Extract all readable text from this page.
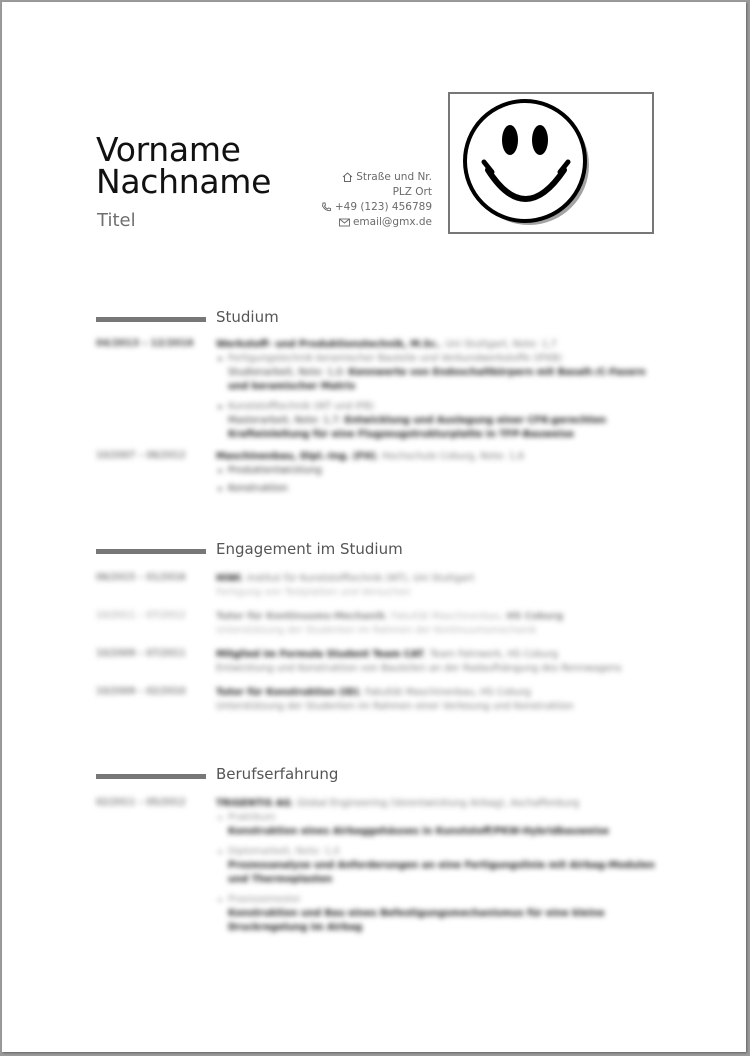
Vorname
Nachname
Titel
Straße und Nr.
PLZ Ort
+49 (123) 456789
email@gmx.de
Studium
04/2013 – 12/2016	Werkstoff- und Produktionstechnik, M.Sc., Uni Stuttgart, Note: 1,7
Fertigungstechnik keramischer Bauteile und Verbundwerkstoffe (IFKB)
Studienarbeit, Note: 1,0: Kennwerte von Endoschaltkörpern mit Basalt-/C-Fasern und keramischer Matrix
Kunststofftechnik (IKT und IFB)
Masterarbeit, Note: 1,7: Entwicklung und Auslegung einer CFK-gerechten Krafteinleitung für eine Flugzeugstrukturplatte in TFP-Bauweise
10/2007 – 06/2012	Maschinenbau, Dipl.-Ing. (FH), Hochschule Coburg, Note: 1,6
Produktentwicklung
Konstruktion
Engagement im Studium
06/2015 – 01/2016	HiWi, Institut für Kunststofftechnik (IKT), Uni Stuttgart
Fertigung von Testplatten und Versuchen
10/2011 – 07/2012	Tutor für Kontinuums-Mechanik, Fakultät Maschinenbau, HS Coburg
Unterstützung der Studenten im Rahmen der Kontinuumsmechanik
10/2009 – 07/2011	Mitglied im Formula Student Team CAT, Team Fahrwerk, HS Coburg
Entwicklung und Konstruktion von Bauteilen an der Radaufhängung des Rennwagens
10/2009 – 02/2010	Tutor für Konstruktion (ID), Fakultät Maschinenbau, HS Coburg
Unterstützung der Studenten im Rahmen einer Vorlesung und Konstruktion
Berufserfahrung
02/2011 – 05/2012	TRIGENTIS AG, Global Engineering (Vorentwicklung Airbag), Aschaffenburg
Praktikum
Konstruktion eines Airbaggehäuses in Kunststoff/PKW-Hybridbauweise
Diplomarbeit, Note: 1,0
Prozessanalyse und Anforderungen an eine Fertigungslinie mit Airbag-Modulen und Thermoplasten
Praxissemester
Konstruktion und Bau eines Befestigungsmechanismus für eine kleine Druckregelung im Airbag
